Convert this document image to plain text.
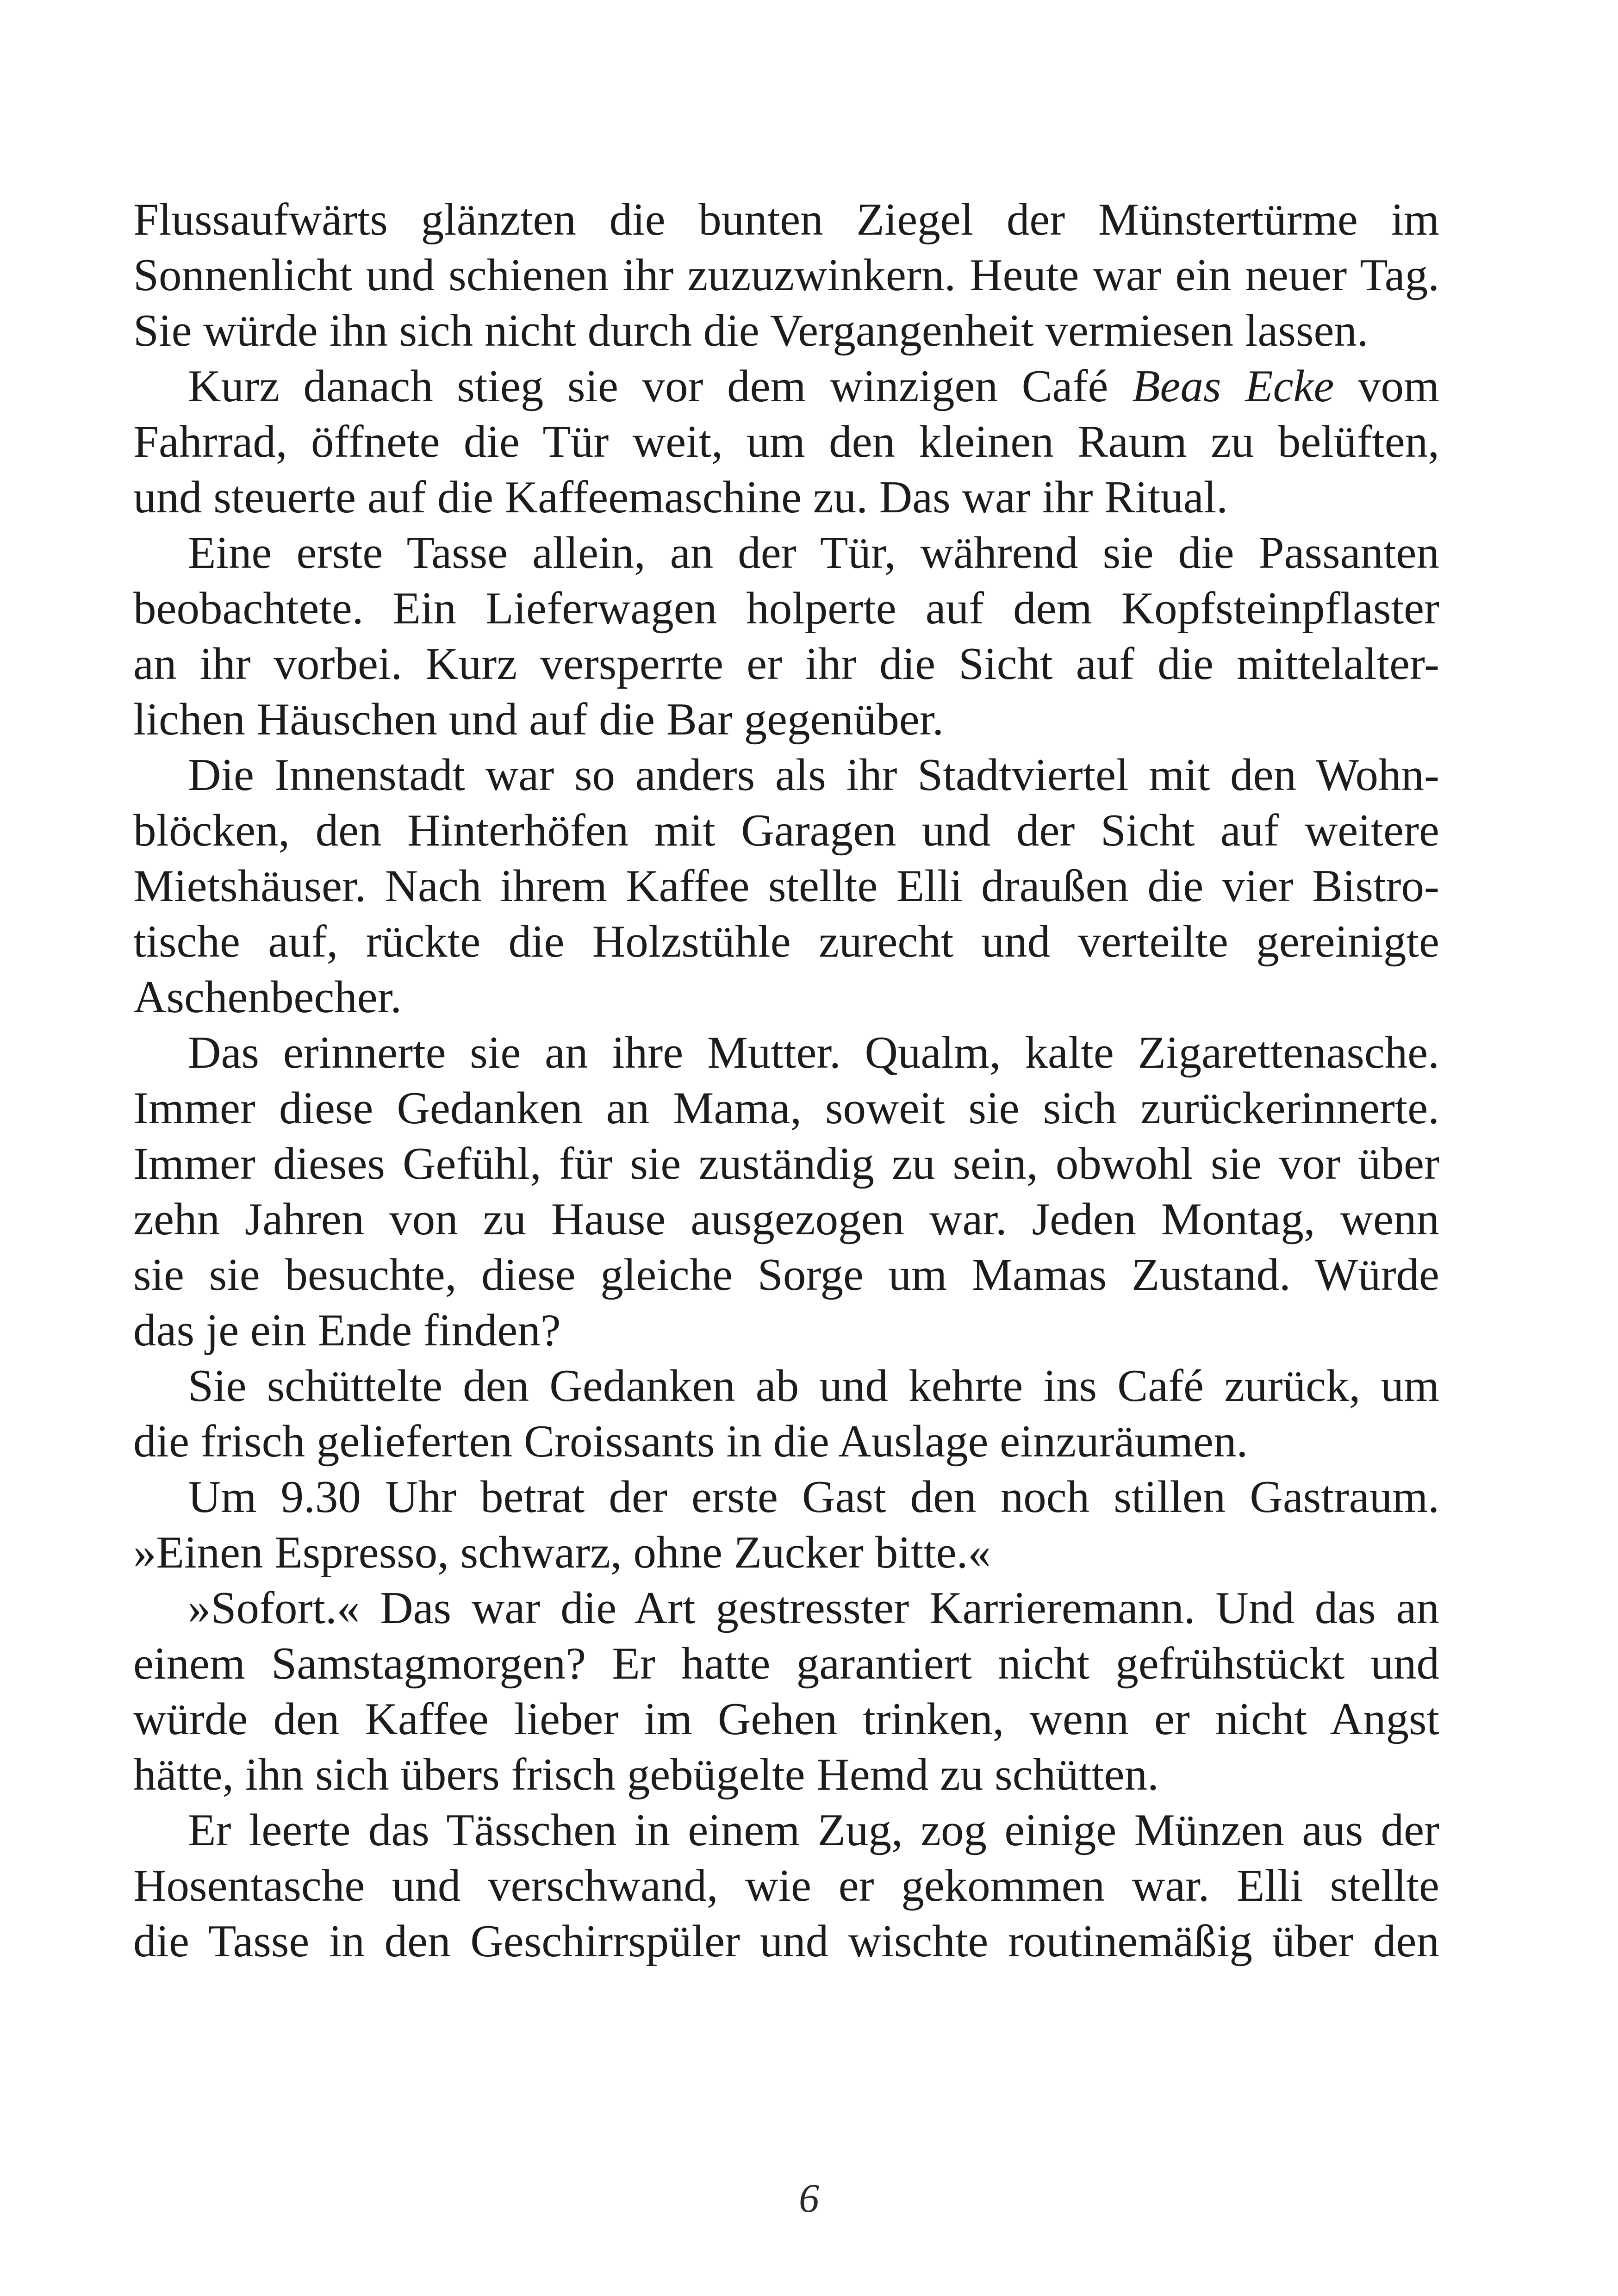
Flussaufwärts glänzten die bunten Ziegel der Münstertürme im
Sonnenlicht und schienen ihr zuzuzwinkern. Heute war ein neuer Tag.
Sie würde ihn sich nicht durch die Vergangenheit vermiesen lassen.
Kurz danach stieg sie vor dem winzigen Café Beas Ecke vom
Fahrrad, öffnete die Tür weit, um den kleinen Raum zu belüften,
und steuerte auf die Kaffeemaschine zu. Das war ihr Ritual.
Eine erste Tasse allein, an der Tür, während sie die Passanten
beobachtete. Ein Lieferwagen holperte auf dem Kopfsteinpflaster
an ihr vorbei. Kurz versperrte er ihr die Sicht auf die mittelalter-
lichen Häuschen und auf die Bar gegenüber.
Die Innenstadt war so anders als ihr Stadtviertel mit den Wohn-
blöcken, den Hinterhöfen mit Garagen und der Sicht auf weitere
Mietshäuser. Nach ihrem Kaffee stellte Elli draußen die vier Bistro-
tische auf, rückte die Holzstühle zurecht und verteilte gereinigte
Aschenbecher.
Das erinnerte sie an ihre Mutter. Qualm, kalte Zigarettenasche.
Immer diese Gedanken an Mama, soweit sie sich zurückerinnerte.
Immer dieses Gefühl, für sie zuständig zu sein, obwohl sie vor über
zehn Jahren von zu Hause ausgezogen war. Jeden Montag, wenn
sie sie besuchte, diese gleiche Sorge um Mamas Zustand. Würde
das je ein Ende finden?
Sie schüttelte den Gedanken ab und kehrte ins Café zurück, um
die frisch gelieferten Croissants in die Auslage einzuräumen.
Um 9.30 Uhr betrat der erste Gast den noch stillen Gastraum.
»Einen Espresso, schwarz, ohne Zucker bitte.«
»Sofort.« Das war die Art gestresster Karrieremann. Und das an
einem Samstagmorgen? Er hatte garantiert nicht gefrühstückt und
würde den Kaffee lieber im Gehen trinken, wenn er nicht Angst
hätte, ihn sich übers frisch gebügelte Hemd zu schütten.
Er leerte das Tässchen in einem Zug, zog einige Münzen aus der
Hosentasche und verschwand, wie er gekommen war. Elli stellte
die Tasse in den Geschirrspüler und wischte routinemäßig über den
6
